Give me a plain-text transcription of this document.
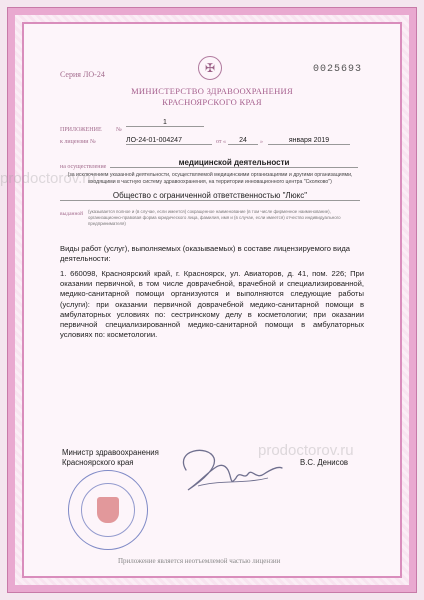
Серия ЛО-24	0025693
✠
МИНИСТЕРСТВО ЗДРАВООХРАНЕНИЯ
КРАСНОЯРСКОГО КРАЯ
ПРИЛОЖЕНИЕ №
1
к лицензии №	ЛО-24-01-004247	от «	24	»	января 2019
на осуществление	медицинской деятельности
(за исключением указанной деятельности, осуществляемой медицинскими организациями и другими организациями, входящими в частную систему здравоохранения, на территории инновационного центра "Сколково")
Общество с ограниченной ответственностью "Люкс"
выданной (указывается полное и (в случае, если имеется) сокращенное наименование (в том числе фирменное наименование), организационно-правовая форма юридического лица, фамилия, имя и (в случае, если имеется) отчество индивидуального предпринимателя)
Виды работ (услуг), выполняемых (оказываемых) в составе лицензируемого вида деятельности:
1. 660098, Красноярский край, г. Красноярск, ул. Авиаторов, д. 41, пом. 226; При оказании первичной, в том числе доврачебной, врачебной и специализированной, медико-санитарной помощи организуются и выполняются следующие работы (услуги): при оказании первичной доврачебной медико-санитарной помощи в амбулаторных условиях по: сестринскому делу в косметологии; при оказании первичной специализированной медико-санитарной помощи в амбулаторных условиях по: косметологии.
prodoctorov.ru
prodoctorov.ru
Министр здравоохранения
Красноярского края	В.С. Денисов
Приложение является неотъемлемой частью лицензии
